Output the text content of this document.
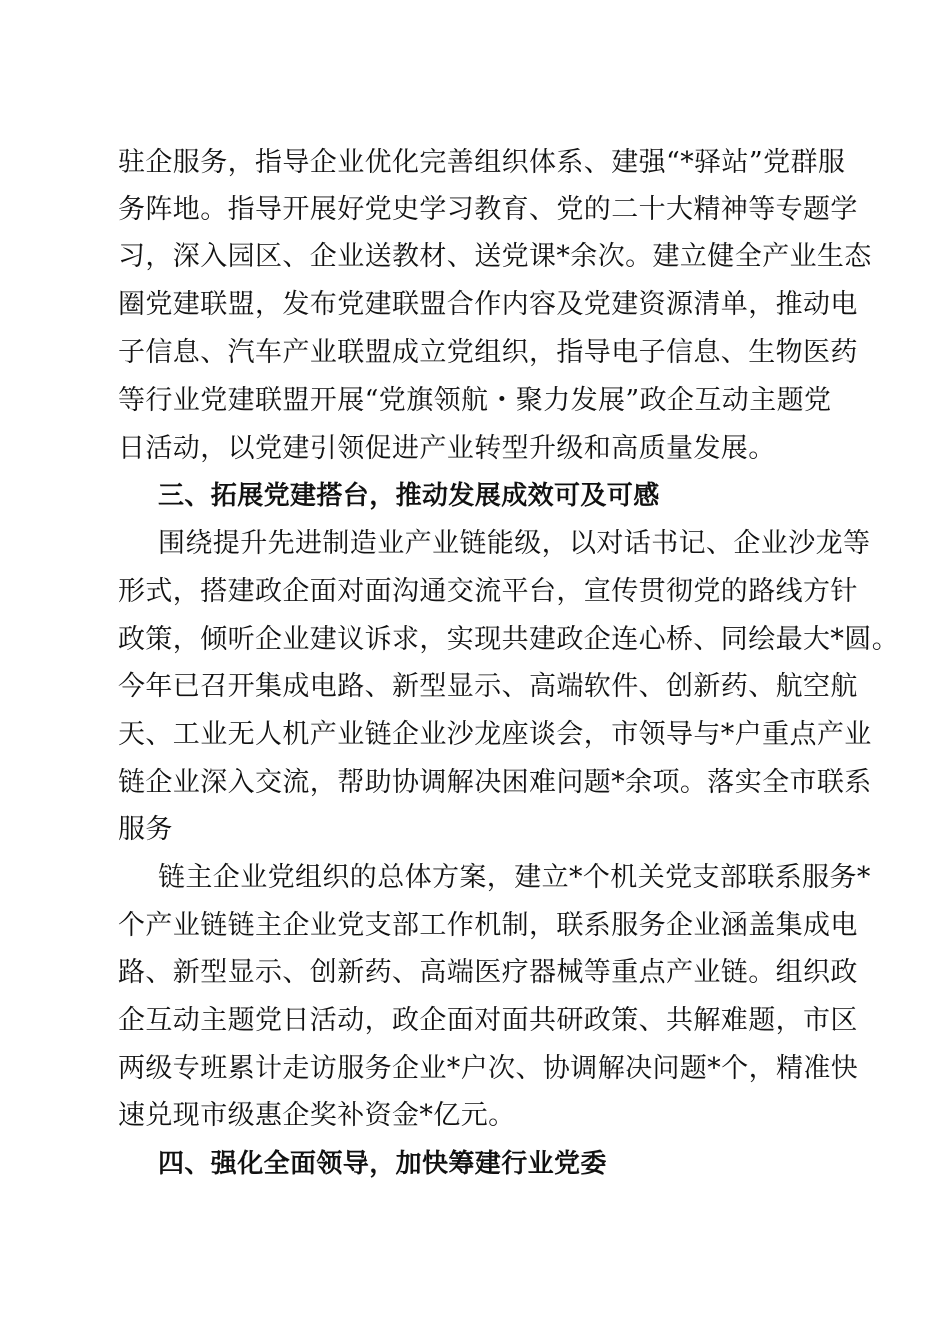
驻企服务，指导企业优化完善组织体系、建强“*驿站”党群服
务阵地。指导开展好党史学习教育、党的二十大精神等专题学
习，深入园区、企业送教材、送党课*余次。建立健全产业生态
圈党建联盟，发布党建联盟合作内容及党建资源清单，推动电
子信息、汽车产业联盟成立党组织，指导电子信息、生物医药
等行业党建联盟开展“党旗领航・聚力发展”政企互动主题党
日活动，以党建引领促进产业转型升级和高质量发展。
三、拓展党建搭台，推动发展成效可及可感
围绕提升先进制造业产业链能级，以对话书记、企业沙龙等
形式，搭建政企面对面沟通交流平台，宣传贯彻党的路线方针
政策，倾听企业建议诉求，实现共建政企连心桥、同绘最大*圆。
今年已召开集成电路、新型显示、高端软件、创新药、航空航
天、工业无人机产业链企业沙龙座谈会，市领导与*户重点产业
链企业深入交流，帮助协调解决困难问题*余项。落实全市联系
服务
链主企业党组织的总体方案，建立*个机关党支部联系服务*
个产业链链主企业党支部工作机制，联系服务企业涵盖集成电
路、新型显示、创新药、高端医疗器械等重点产业链。组织政
企互动主题党日活动，政企面对面共研政策、共解难题，市区
两级专班累计走访服务企业*户次、协调解决问题*个，精准快
速兑现市级惠企奖补资金*亿元。
四、强化全面领导，加快筹建行业党委
